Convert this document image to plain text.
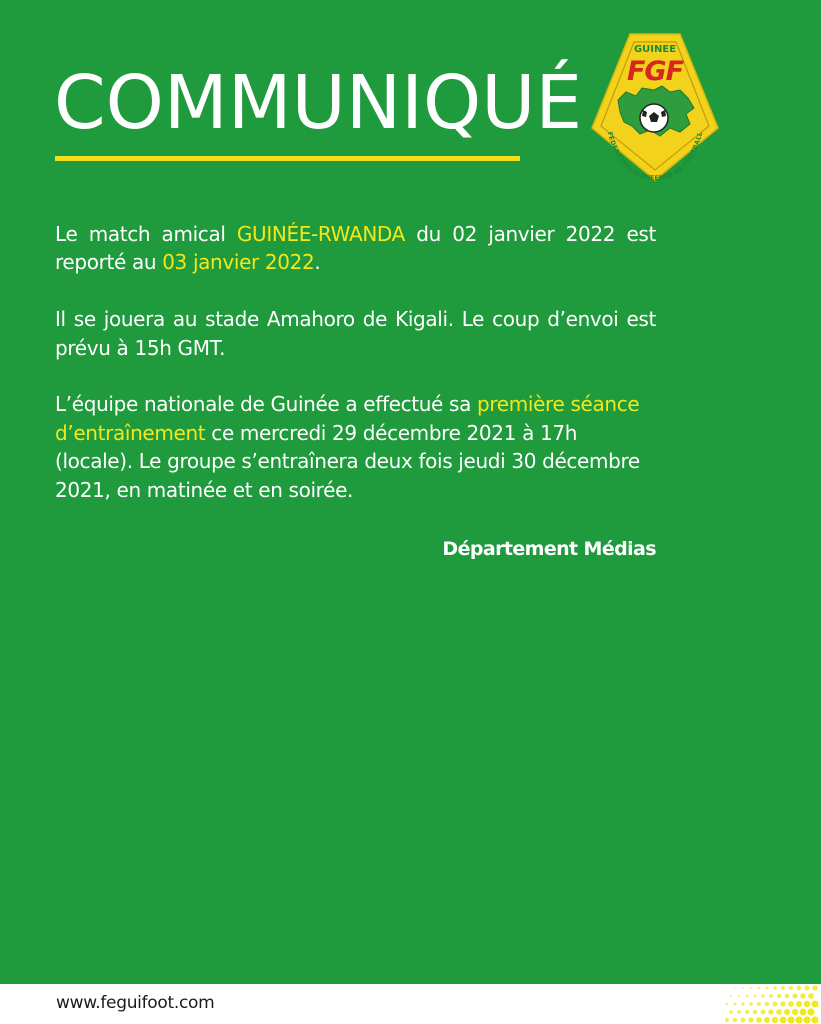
COMMUNIQUÉ
GUINEE
FGF
FEDERATION GUINEENNE DE FOOTBALL

Le match amical GUINÉE-RWANDA du 02 janvier 2022 est reporté au 03 janvier 2022.

Il se jouera au stade Amahoro de Kigali. Le coup d’envoi est prévu à 15h GMT.

L’équipe nationale de Guinée a effectué sa première séance d’entraînement ce mercredi 29 décembre 2021 à 17h (locale). Le groupe s’entraînera deux fois jeudi 30 décembre 2021, en matinée et en soirée.

Département Médias

www.feguifoot.com
